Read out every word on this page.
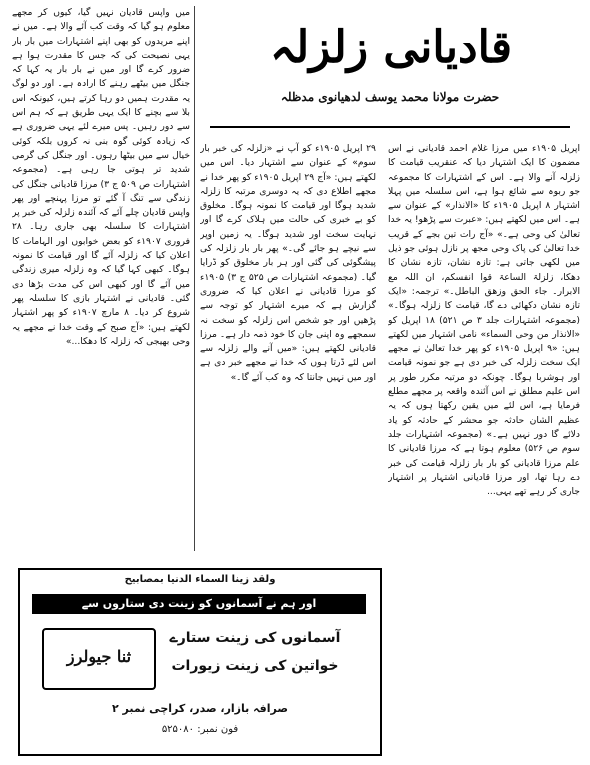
قادیانی زلزلہ
حضرت مولانا محمد یوسف لدھیانوی مدظلہ

اپریل ۱۹۰۵ء میں مرزا غلام احمد قادیانی نے اس مضمون کا ایک اشتہار دیا کہ عنقریب قیامت کا زلزلہ آنے والا ہے۔ اس کے اشتہارات کا مجموعہ جو ربوہ سے شائع ہوا ہے، اس سلسلہ میں پہلا اشتہار ۸ اپریل ۱۹۰۵ء کا «الانذار» کے عنوان سے ہے۔ اس میں لکھتے ہیں: «عبرت سے پڑھو! یہ خدا تعالیٰ کی وحی ہے۔» «آج رات تین بجے کے قریب خدا تعالیٰ کی پاک وحی مجھ پر نازل ہوئی جو ذیل میں لکھی جاتی ہے: تازہ نشان، تازہ نشان کا دھکا، زلزلۃ الساعۃ قوا انفسکم، ان اللہ مع الابرار۔ جاء الحق وزھق الباطل۔» ترجمہ: «ایک تازہ نشان دکھائی دے گا، قیامت کا زلزلہ ہوگا۔» (مجموعہ اشتہارات جلد ۳ ص ۵۲۱) ۱۸ اپریل کو «الانذار من وحی السماء» نامی اشتہار میں لکھتے ہیں: «۹ اپریل ۱۹۰۵ء کو پھر خدا تعالیٰ نے مجھے ایک سخت زلزلہ کی خبر دی ہے جو نمونہ قیامت اور ہوشربا ہوگا۔ چونکہ دو مرتبہ مکرر طور پر اس علیم مطلق نے اس آئندہ واقعہ پر مجھے مطلع فرمایا ہے، اس لئے میں یقین رکھتا ہوں کہ یہ عظیم الشان حادثہ جو محشر کے حادثہ کو یاد دلائے گا دور نہیں ہے۔» (مجموعہ اشتہارات جلد سوم ص ۵۲۶) معلوم ہوتا ہے کہ مرزا قادیانی کا علم مرزا قادیانی کو بار بار زلزلہ قیامت کی خبر دے رہا تھا، اور مرزا قادیانی اشتہار پر اشتہار جاری کر رہے تھے یہی...

۲۹ اپریل ۱۹۰۵ء کو آپ نے «زلزلہ کی خبر بار سوم» کے عنوان سے اشتہار دیا۔ اس میں لکھتے ہیں: «آج ۲۹ اپریل ۱۹۰۵ء کو پھر خدا نے مجھے اطلاع دی کہ یہ دوسری مرتبہ کا زلزلہ شدید ہوگا اور قیامت کا نمونہ ہوگا۔ مخلوق کو بے خبری کی حالت میں ہلاک کرے گا اور نہایت سخت اور شدید ہوگا۔ یہ زمین اوپر سے نیچے ہو جائے گی۔» پھر بار بار زلزلہ کی پیشگوئی کی گئی اور ہر بار مخلوق کو ڈرایا گیا۔ (مجموعہ اشتہارات ص ۵۲۵ ج ۳) ۱۹۰۵ء کو مرزا قادیانی نے اعلان کیا کہ ضروری گزارش ہے کہ میرے اشتہار کو توجہ سے پڑھیں اور جو شخص اس زلزلہ کو سخت نہ سمجھے وہ اپنی جان کا خود ذمہ دار ہے۔ مرزا قادیانی لکھتے ہیں: «میں آنے والے زلزلہ سے اس لئے ڈرتا ہوں کہ خدا نے مجھے خبر دی ہے اور میں نہیں جانتا کہ وہ کب آئے گا۔»

میں واپس قادیان نہیں گیا، کیوں کر مجھے معلوم ہو گیا کہ وقت کب آئے والا ہے۔ میں نے اپنے مریدوں کو بھی اپنے اشتہارات میں بار بار یہی نصیحت کی کہ جس کا مقدرت ہوا ہے ضرور کرے گا اور میں نے بار بار یہ کہا کہ جنگل میں بیٹھے رہنے کا ارادہ ہے۔ اور دو لوگ یہ مقدرت ہمیں دو رہا کرتے ہیں، کیونکہ اس بلا سے بچنے کا ایک یہی طریق ہے کہ ہم اس سے دور رہیں۔ پس میرے لئے یہی ضروری ہے کہ زیادہ کوئی گوہ بنی نہ کروں بلکہ کوئی خیال سے میں بیٹھا رہوں۔ اور جنگل کی گرمی شدید تر ہوتی جا رہی ہے۔ (مجموعہ اشتہارات ص ۵۰۹ ج ۳) مرزا قادیانی جنگل کی زندگی سے تنگ آ گئے تو مرزا پہنچے اور پھر واپس قادیان چلے آئے کہ آئندہ زلزلہ کی خبر پر اشتہارات کا سلسلہ بھی جاری رہا۔ ۲۸ فروری ۱۹۰۷ء کو بعض خوابوں اور الہامات کا اعلان کیا کہ زلزلہ آئے گا اور قیامت کا نمونہ ہوگا۔ کبھی کہا گیا کہ وہ زلزلہ میری زندگی میں آئے گا اور کبھی اس کی مدت بڑھا دی گئی۔ قادیانی نے اشتہار بازی کا سلسلہ پھر شروع کر دیا۔ ۸ مارچ ۱۹۰۷ء کو پھر اشتہار لکھتے ہیں: «آج صبح کے وقت خدا نے مجھے یہ وحی بھیجی کہ زلزلہ کا دھکا...»

ولقد زینا السماء الدنیا بمصابیح
اور ہم نے آسمانوں کو زینت دی ستاروں سے
ثنا جیولرز
آسمانوں کی زینت ستارے
خواتین کی زینت زیورات
صرافہ بازار، صدر، کراچی نمبر ۲
فون نمبر: ۵۲۵۰۸۰
